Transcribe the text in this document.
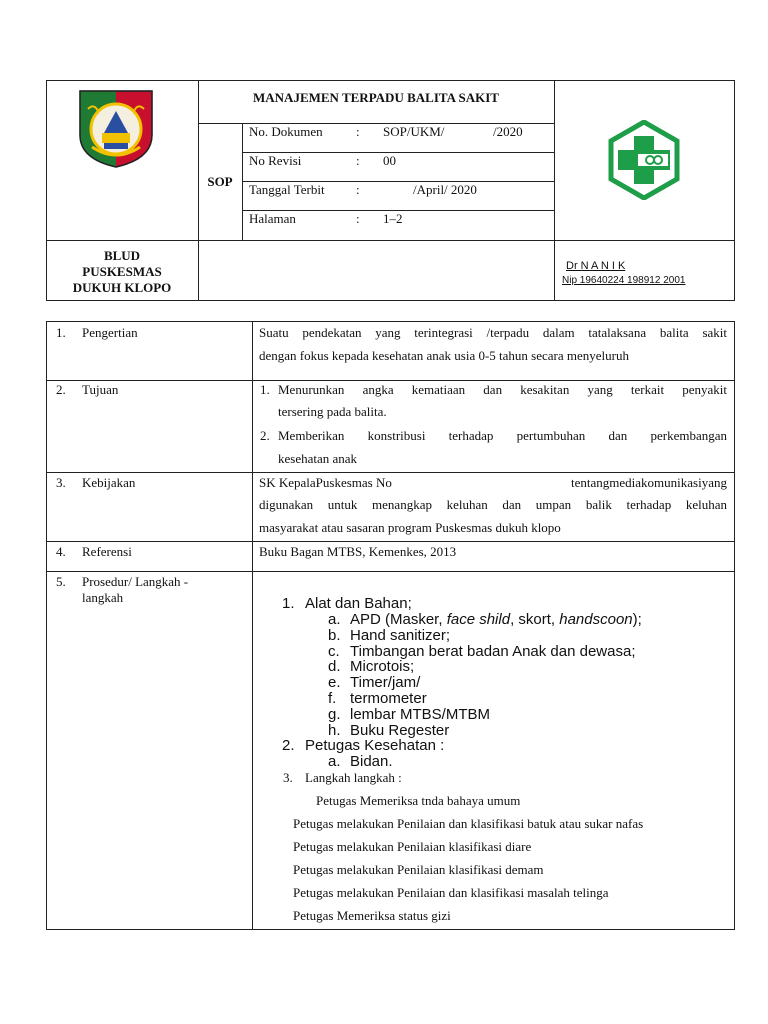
MANAJEMEN TERPADU BALITA SAKIT
SOP
No. Dokumen	: SOP/UKM/	/2020
No Revisi	: 00
Tanggal Terbit :	/April/ 2020
Halaman	: 1–2
BLUD
PUSKESMAS
DUKUH KLOPO
Dr N A N I K
Nip 19640224 198912 2001
1. Pengertian	Suatu pendekatan yang terintegrasi /terpadu dalam tatalaksana balita sakit
dengan fokus kepada kesehatan anak usia 0-5 tahun secara menyeluruh
2. Tujuan	1. Menurunkan angka kematiaan dan kesakitan yang terkait penyakit
tersering pada balita.
2. Memberikan konstribusi terhadap pertumbuhan dan perkembangan
kesehatan anak
3. Kebijakan	SK KepalaPuskesmas No	tentangmediakomunikasiyang
digunakan untuk menangkap keluhan dan umpan balik terhadap keluhan
masyarakat atau sasaran program Puskesmas dukuh klopo
4. Referensi	Buku Bagan MTBS, Kemenkes, 2013
5. Prosedur/ Langkah -
langkah	1. Alat dan Bahan;
a. APD (Masker, face shild, skort, handscoon);
b. Hand sanitizer;
c. Timbangan berat badan Anak dan dewasa;
d. Microtois;
e. Timer/jam/
f. termometer
g. lembar MTBS/MTBM
h. Buku Regester
2. Petugas Kesehatan :
a. Bidan.
3. Langkah langkah :
Petugas Memeriksa tnda bahaya umum
Petugas melakukan Penilaian dan klasifikasi batuk atau sukar nafas
Petugas melakukan Penilaian klasifikasi diare
Petugas melakukan Penilaian klasifikasi demam
Petugas melakukan Penilaian dan klasifikasi masalah telinga
Petugas Memeriksa status gizi
